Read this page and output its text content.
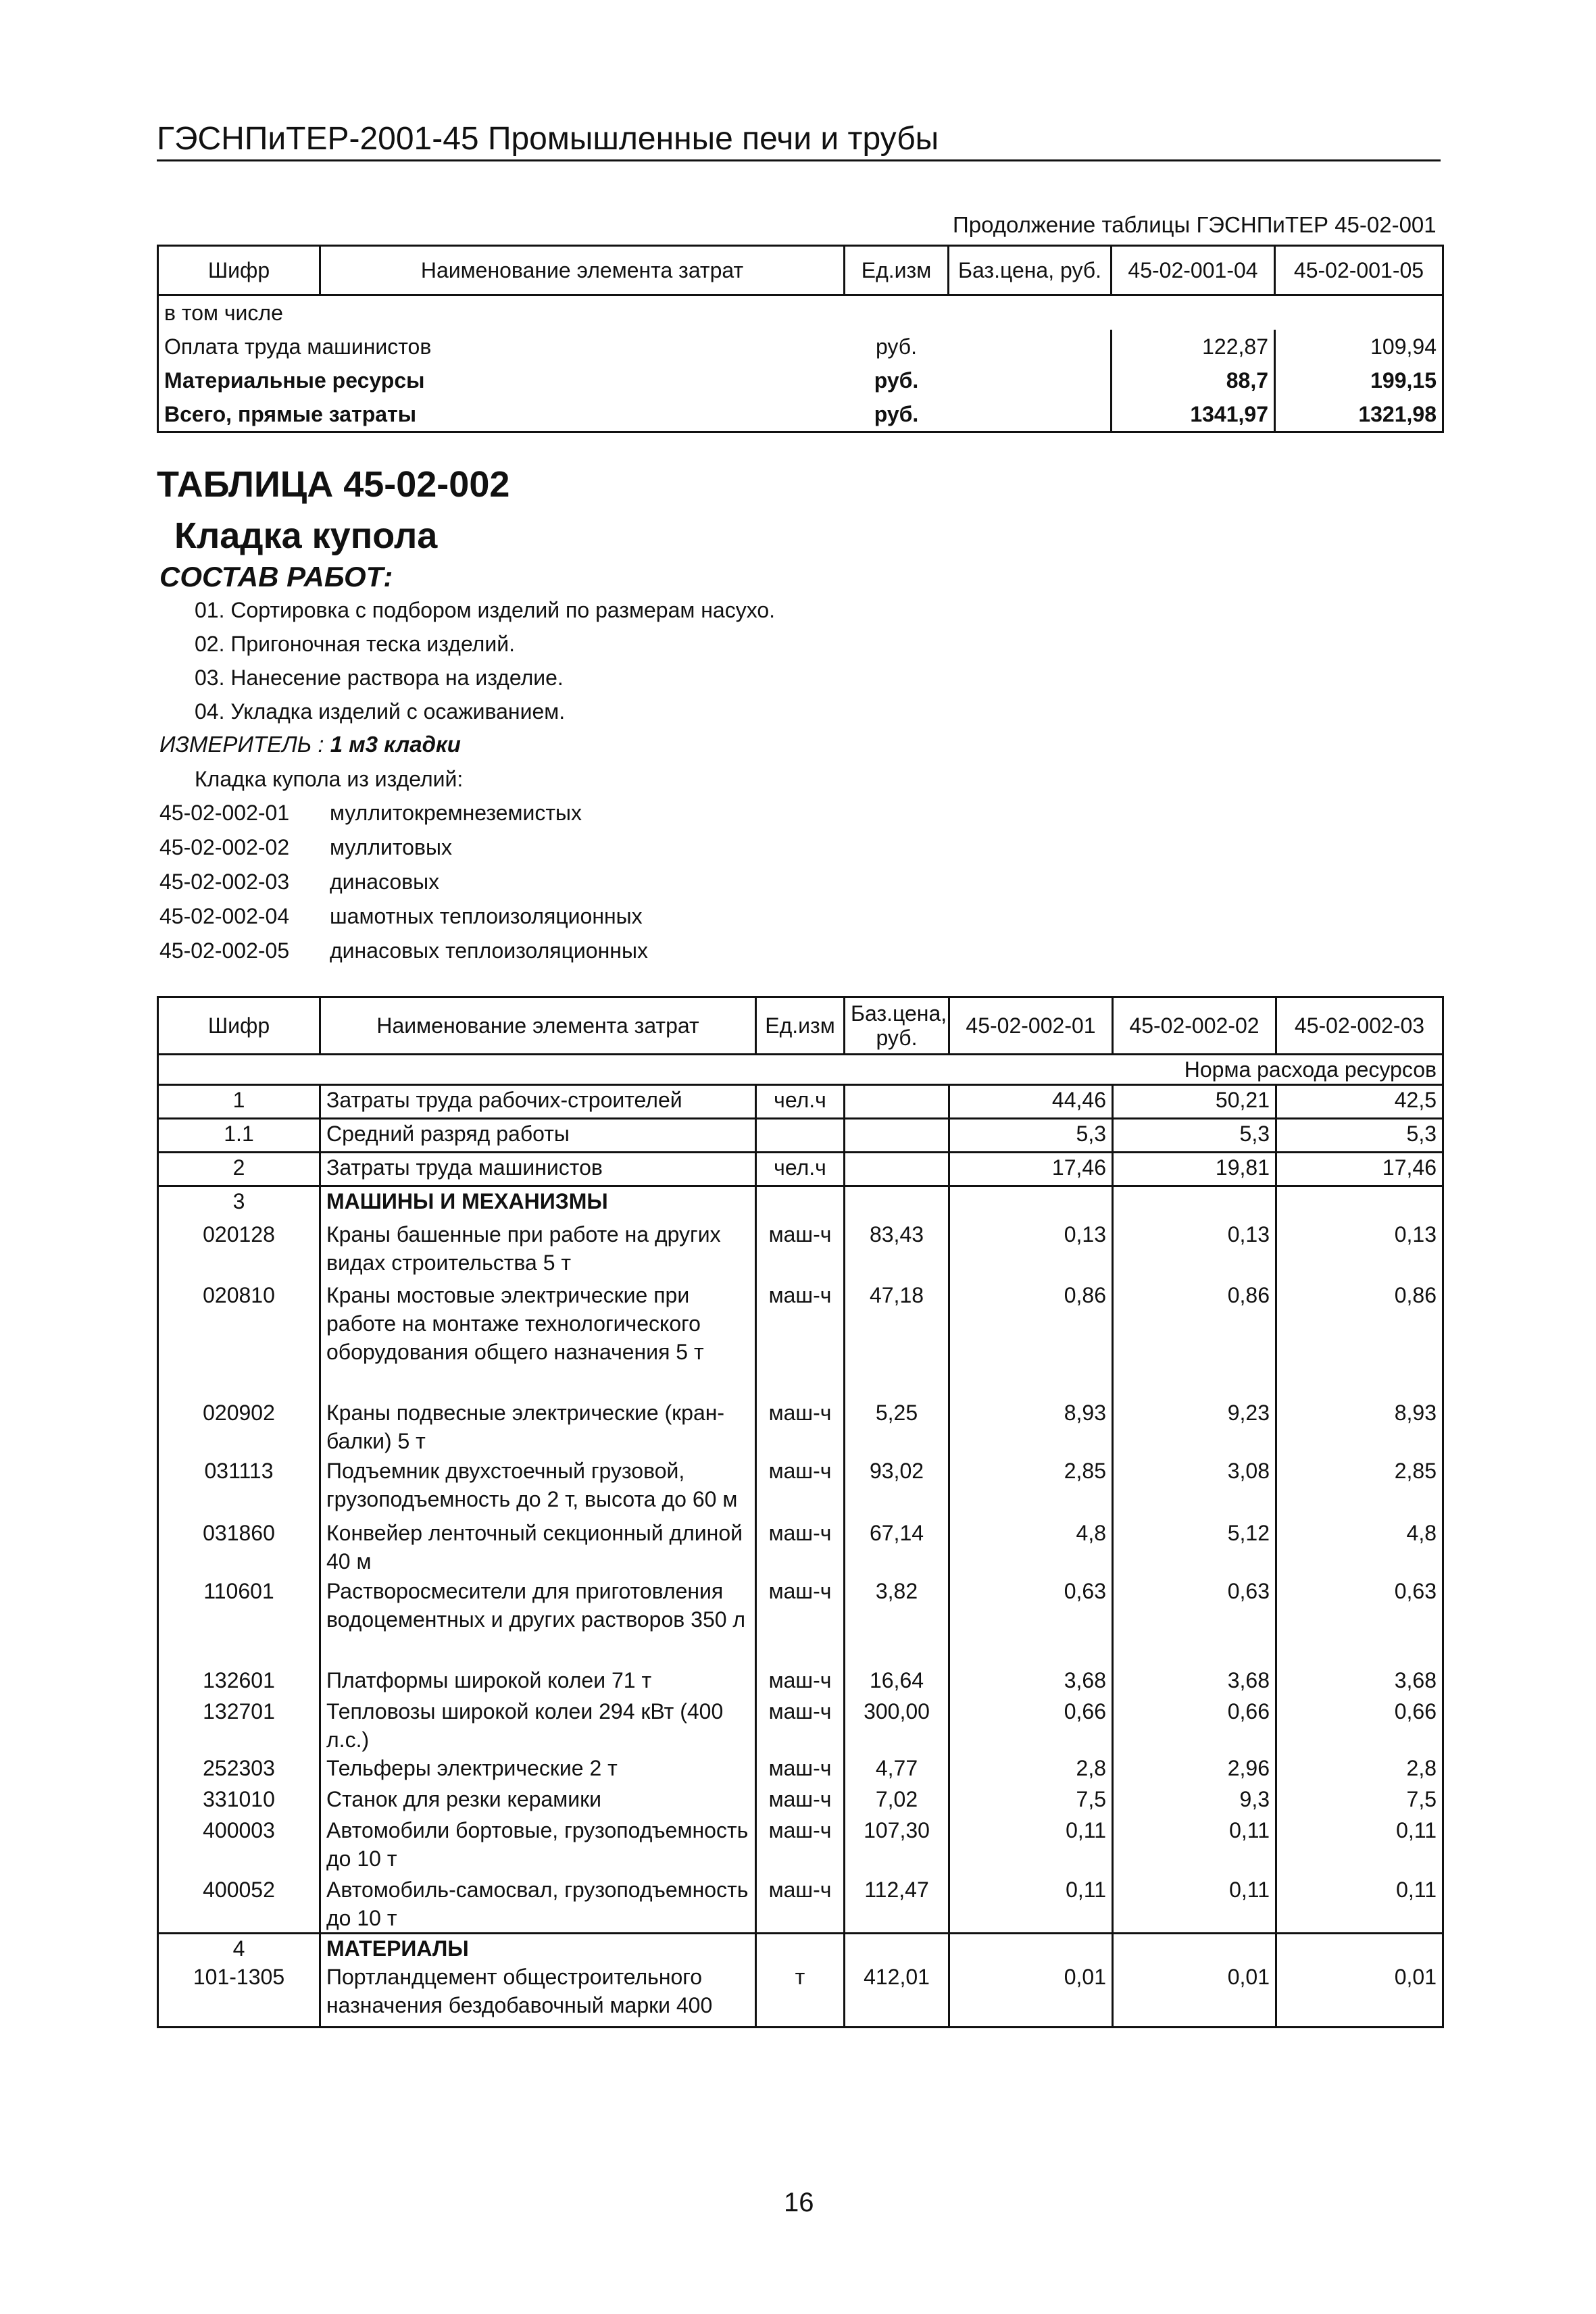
ГЭСНПиТЕР-2001-45 Промышленные печи и трубы
Продолжение таблицы ГЭСНПиТЕР 45-02-001
Шифр	Наименование элемента затрат	Ед.изм	Баз.цена, руб.	45-02-001-04	45-02-001-05
в том числе					
Оплата труда машинистов		руб.		122,87	109,94
Материальные ресурсы		руб.		88,7	199,15
Всего, прямые затраты		руб.		1341,97	1321,98
ТАБЛИЦА 45-02-002
Кладка купола
СОСТАВ РАБОТ:
01. Сортировка с подбором изделий по размерам насухо.
02. Пригоночная теска изделий.
03. Нанесение раствора на изделие.
04. Укладка изделий с осаживанием.
ИЗМЕРИТЕЛЬ : 1 м3 кладки
Кладка купола из изделий:
45-02-002-01 муллитокремнеземистых
45-02-002-02 муллитовых
45-02-002-03 динасовых
45-02-002-04 шамотных теплоизоляционных
45-02-002-05 динасовых теплоизоляционных
Шифр	Наименование элемента затрат	Ед.изм	Баз.цена, руб.	45-02-002-01	45-02-002-02	45-02-002-03
Норма расхода ресурсов						
1	Затраты труда рабочих-строителей	чел.ч		44,46	50,21	42,5
1.1	Средний разряд работы			5,3	5,3	5,3
2	Затраты труда машинистов	чел.ч		17,46	19,81	17,46
3	МАШИНЫ И МЕХАНИЗМЫ					
020128	Краны башенные при работе на других видах строительства 5 т	маш-ч	83,43	0,13	0,13	0,13
020810	Краны мостовые электрические при работе на монтаже технологического оборудования общего назначения 5 т	маш-ч	47,18	0,86	0,86	0,86
020902	Краны подвесные электрические (кран-балки) 5 т	маш-ч	5,25	8,93	9,23	8,93
031113	Подъемник двухстоечный грузовой, грузоподъемность до 2 т, высота до 60 м	маш-ч	93,02	2,85	3,08	2,85
031860	Конвейер ленточный секционный длиной 40 м	маш-ч	67,14	4,8	5,12	4,8
110601	Растворосмесители для приготовления водоцементных и других растворов 350 л	маш-ч	3,82	0,63	0,63	0,63
132601	Платформы широкой колеи 71 т	маш-ч	16,64	3,68	3,68	3,68
132701	Тепловозы широкой колеи 294 кВт (400 л.с.)	маш-ч	300,00	0,66	0,66	0,66
252303	Тельферы электрические 2 т	маш-ч	4,77	2,8	2,96	2,8
331010	Станок для резки керамики	маш-ч	7,02	7,5	9,3	7,5
400003	Автомобили бортовые, грузоподъемность до 10 т	маш-ч	107,30	0,11	0,11	0,11
400052	Автомобиль-самосвал, грузоподъемность до 10 т	маш-ч	112,47	0,11	0,11	0,11
4	МАТЕРИАЛЫ					
101-1305	Портландцемент общестроительного назначения бездобавочный марки 400	т	412,01	0,01	0,01	0,01
16
